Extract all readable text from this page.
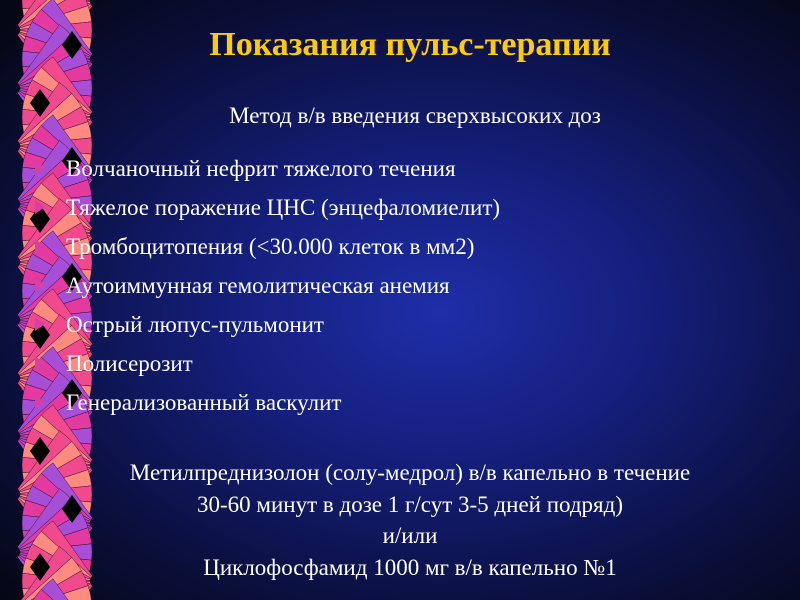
Показания пульс-терапии
Метод в/в введения сверхвысоких доз
Волчаночный нефрит тяжелого течения
Тяжелое поражение ЦНС (энцефаломиелит)
Тромбоцитопения (<30.000 клеток в мм2)
Аутоиммунная гемолитическая анемия
Острый люпус-пульмонит
Полисерозит
Генерализованный васкулит
Метилпреднизолон (солу-медрол) в/в капельно в течение
30-60 минут в дозе 1 г/сут 3-5 дней подряд)
и/или
Циклофосфамид 1000 мг в/в капельно №1
